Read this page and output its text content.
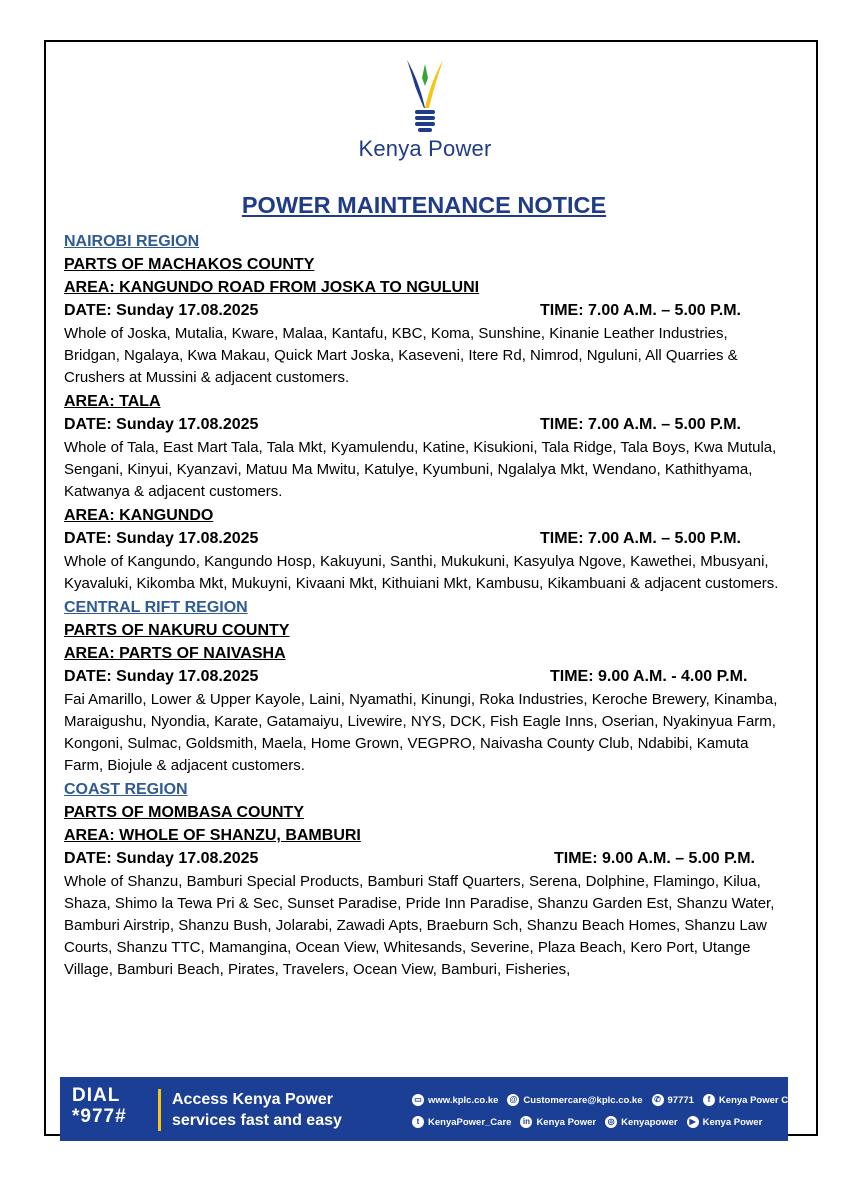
Kenya Power
POWER MAINTENANCE NOTICE
NAIROBI REGION
PARTS OF MACHAKOS COUNTY
AREA: KANGUNDO ROAD FROM JOSKA TO NGULUNI
DATE: Sunday 17.08.2025	TIME: 7.00 A.M. – 5.00 P.M.
Whole of Joska, Mutalia, Kware, Malaa, Kantafu, KBC, Koma, Sunshine, Kinanie Leather Industries, Bridgan, Ngalaya, Kwa Makau, Quick Mart Joska, Kaseveni, Itere Rd, Nimrod, Nguluni, All Quarries & Crushers at Mussini & adjacent customers.
AREA: TALA
DATE: Sunday 17.08.2025	TIME: 7.00 A.M. – 5.00 P.M.
Whole of Tala, East Mart Tala, Tala Mkt, Kyamulendu, Katine, Kisukioni, Tala Ridge, Tala Boys, Kwa Mutula, Sengani, Kinyui, Kyanzavi, Matuu Ma Mwitu, Katulye, Kyumbuni, Ngalalya Mkt, Wendano, Kathithyama, Katwanya & adjacent customers.
AREA: KANGUNDO
DATE: Sunday 17.08.2025	TIME: 7.00 A.M. – 5.00 P.M.
Whole of Kangundo, Kangundo Hosp, Kakuyuni, Santhi, Mukukuni, Kasyulya Ngove, Kawethei, Mbusyani, Kyavaluki, Kikomba Mkt, Mukuyni, Kivaani Mkt, Kithuiani Mkt, Kambusu, Kikambuani & adjacent customers.
CENTRAL RIFT REGION
PARTS OF NAKURU COUNTY
AREA: PARTS OF NAIVASHA
DATE: Sunday 17.08.2025	TIME: 9.00 A.M. - 4.00 P.M.
Fai Amarillo, Lower & Upper Kayole, Laini, Nyamathi, Kinungi, Roka Industries, Keroche Brewery, Kinamba, Maraigushu, Nyondia, Karate, Gatamaiyu, Livewire, NYS, DCK, Fish Eagle Inns, Oserian, Nyakinyua Farm, Kongoni, Sulmac, Goldsmith, Maela, Home Grown, VEGPRO, Naivasha County Club, Ndabibi, Kamuta Farm, Biojule & adjacent customers.
COAST REGION
PARTS OF MOMBASA COUNTY
AREA: WHOLE OF SHANZU, BAMBURI
DATE: Sunday 17.08.2025	TIME: 9.00 A.M. – 5.00 P.M.
Whole of Shanzu, Bamburi Special Products, Bamburi Staff Quarters, Serena, Dolphine, Flamingo, Kilua, Shaza, Shimo la Tewa Pri & Sec, Sunset Paradise, Pride Inn Paradise, Shanzu Garden Est, Shanzu Water, Bamburi Airstrip, Shanzu Bush, Jolarabi, Zawadi Apts, Braeburn Sch, Shanzu Beach Homes, Shanzu Law Courts, Shanzu TTC, Mamangina, Ocean View, Whitesands, Severine, Plaza Beach, Kero Port, Utange Village, Bamburi Beach, Pirates, Travelers, Ocean View, Bamburi, Fisheries,
DIAL
*977#
Access Kenya Power
services fast and easy
▭ www.kplc.co.ke @ Customercare@kplc.co.ke	✆ 97771	f Kenya Power Care
t KenyaPower_Care	in Kenya Power	◎ Kenyapower	▶ Kenya Power
